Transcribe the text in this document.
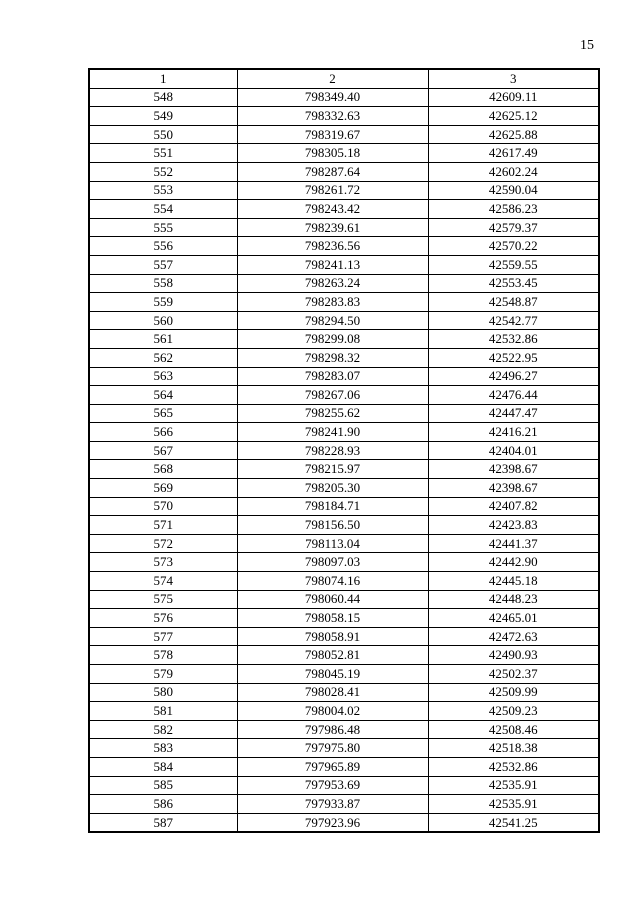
15
1	2	3
548	798349.40	42609.11
549	798332.63	42625.12
550	798319.67	42625.88
551	798305.18	42617.49
552	798287.64	42602.24
553	798261.72	42590.04
554	798243.42	42586.23
555	798239.61	42579.37
556	798236.56	42570.22
557	798241.13	42559.55
558	798263.24	42553.45
559	798283.83	42548.87
560	798294.50	42542.77
561	798299.08	42532.86
562	798298.32	42522.95
563	798283.07	42496.27
564	798267.06	42476.44
565	798255.62	42447.47
566	798241.90	42416.21
567	798228.93	42404.01
568	798215.97	42398.67
569	798205.30	42398.67
570	798184.71	42407.82
571	798156.50	42423.83
572	798113.04	42441.37
573	798097.03	42442.90
574	798074.16	42445.18
575	798060.44	42448.23
576	798058.15	42465.01
577	798058.91	42472.63
578	798052.81	42490.93
579	798045.19	42502.37
580	798028.41	42509.99
581	798004.02	42509.23
582	797986.48	42508.46
583	797975.80	42518.38
584	797965.89	42532.86
585	797953.69	42535.91
586	797933.87	42535.91
587	797923.96	42541.25
